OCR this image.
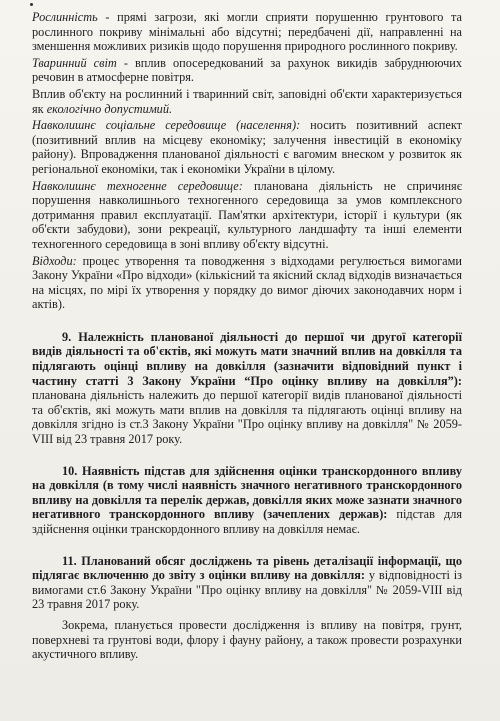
Рослинність - прямі загрози, які могли сприяти порушенню грунтового та рослинного покриву мінімальні або відсутні; передбачені дії, направленні на зменшення можливих ризиків щодо порушення природного рослинного покриву.

Тваринний світ - вплив опосередкований за рахунок викидів забруднюючих речовин в атмосферне повітря.

Вплив об'єкту на рослинний і тваринний світ, заповідні об'єкти характеризується як екологічно допустимий.

Навколишнє соціальне середовище (населення): носить позитивний аспект (позитивний вплив на місцеву економіку; залучення інвестицій в економіку району). Впровадження планованої діяльності є вагомим внеском у розвиток як регіональної економіки, так і економіки України в цілому.

Навколишнє техногенне середовище: планована діяльність не спричиняє порушення навколишнього техногенного середовища за умов комплексного дотримання правил експлуатації. Пам'ятки архітектури, історії і культури (як об'єкти забудови), зони рекреації, культурного ландшафту та інші елементи техногенного середовища в зоні впливу об'єкту відсутні.

Відходи: процес утворення та поводження з відходами регулюється вимогами Закону України «Про відходи» (кількісний та якісний склад відходів визначається на місцях, по мірі їх утворення у порядку до вимог діючих законодавчих норм і актів).

9. Належність планованої діяльності до першої чи другої категорії видів діяльності та об'єктів, які можуть мати значний вплив на довкілля та підлягають оцінці впливу на довкілля (зазначити відповідний пункт і частину статті 3 Закону України “Про оцінку впливу на довкілля”): планована діяльність належить до першої категорії видів планованої діяльності та об'єктів, які можуть мати вплив на довкілля та підлягають оцінці впливу на довкілля згідно із ст.3 Закону України "Про оцінку впливу на довкілля" № 2059-VIII від 23 травня 2017 року.

10. Наявність підстав для здійснення оцінки транскордонного впливу на довкілля (в тому числі наявність значного негативного транскордонного впливу на довкілля та перелік держав, довкілля яких може зазнати значного негативного транскордонного впливу (зачеплених держав): підстав для здійснення оцінки транскордонного впливу на довкілля немає.

11. Планований обсяг досліджень та рівень деталізації інформації, що підлягає включенню до звіту з оцінки впливу на довкілля: у відповідності із вимогами ст.6 Закону України "Про оцінку впливу на довкілля" № 2059-VIII від 23 травня 2017 року.

Зокрема, планується провести дослідження із впливу на повітря, грунт, поверхневі та грунтові води, флору і фауну району, а також провести розрахунки акустичного впливу.
